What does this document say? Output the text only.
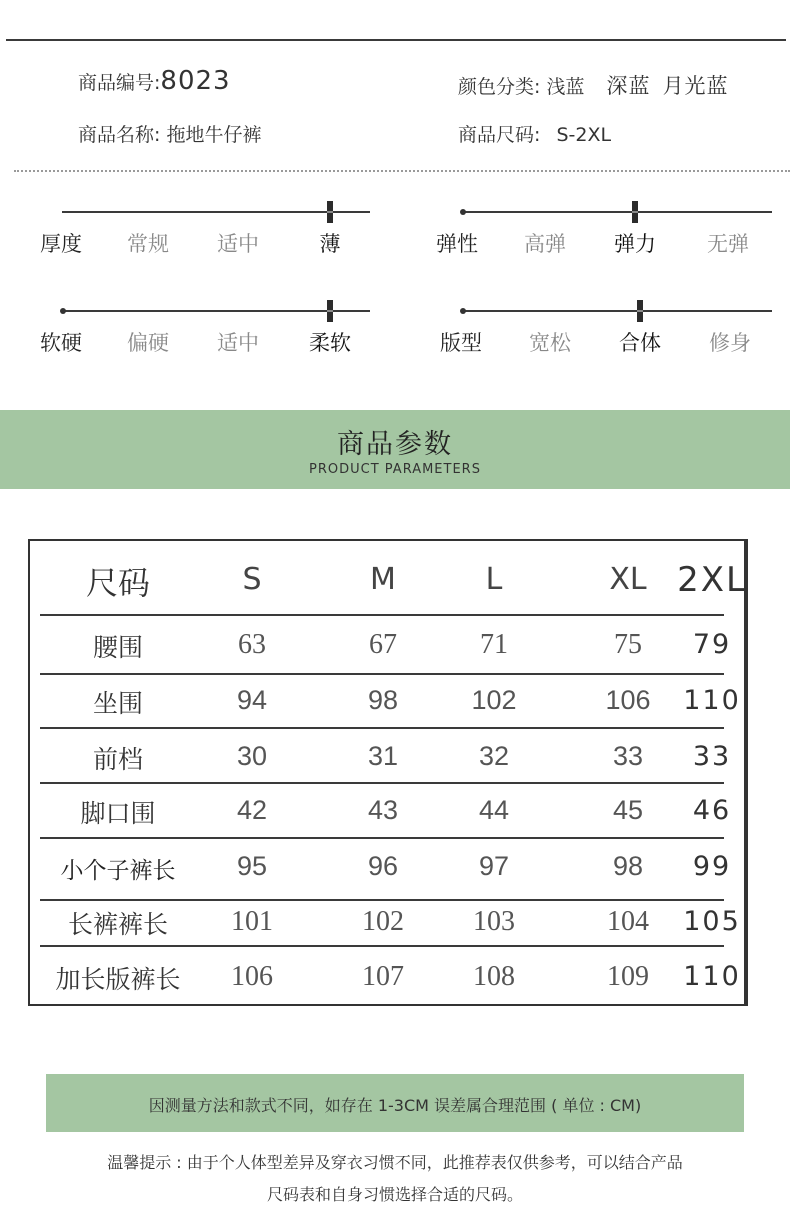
商品编号:8023
商品名称: 拖地牛仔裤
颜色分类: 浅蓝 深蓝 月光蓝
商品尺码: S-2XL
厚度 常规 适中	薄	弹性 高弹 弹力 无弹
软硬 偏硬 适中 柔软	版型 宽松 合体 修身
商品参数
PRODUCT PARAMETERS
尺码	S	M	L	XL 2XL
腰围	63	67	71	75 79
坐围	94	98	102	106 110
前档	30	31	32	33 33
脚口围	42	43	44	45 46
小个子裤长 95	96	97	98 99
长裤裤长 101	102 103	104 105
加长版裤长 106	107 108	109 110
因测量方法和款式不同，如存在 1-3CM 误差属合理范围 ( 单位 : CM)
温馨提示 : 由于个人体型差异及穿衣习惯不同，此推荐表仅供参考，可以结合产品
尺码表和自身习惯选择合适的尺码。
